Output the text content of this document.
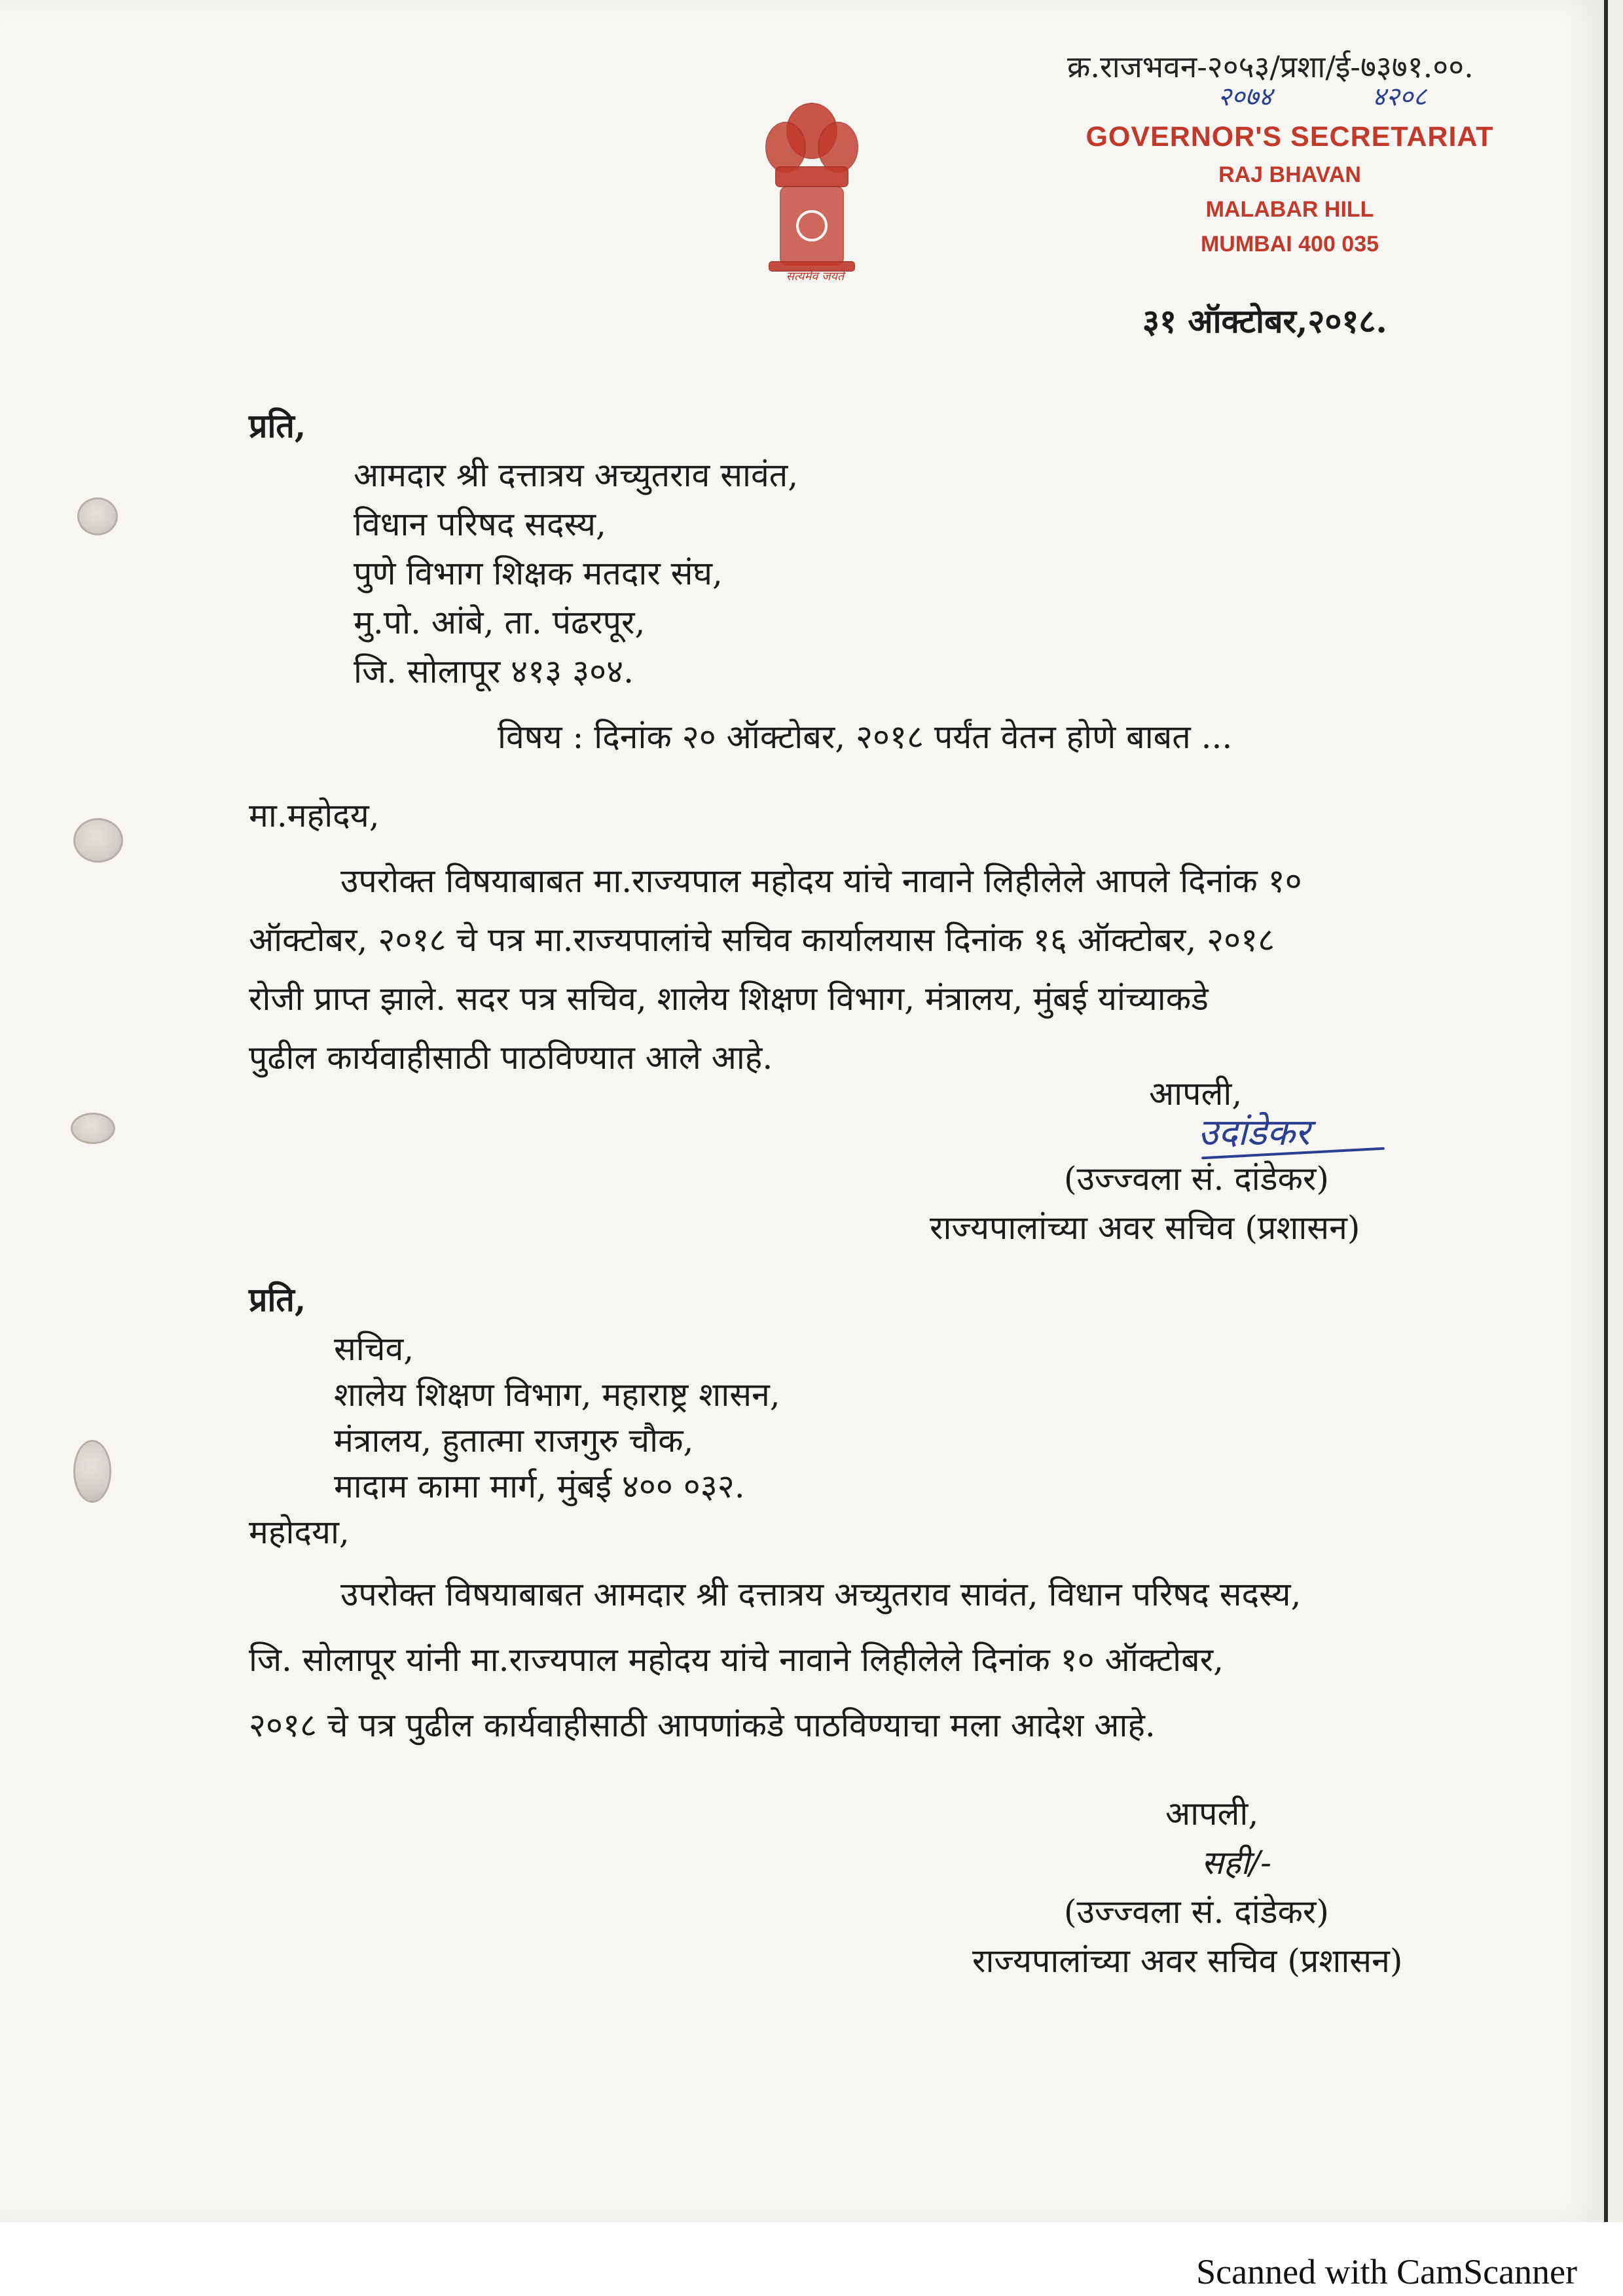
सत्यमेव जयते
क्र.राजभवन-२०५३/प्रशा/ई-७३७१.००.
२०७४	४२०८
GOVERNOR'S SECRETARIAT
RAJ BHAVAN
MALABAR HILL
MUMBAI 400 035
३१ ऑक्टोबर,२०१८.
प्रति,
आमदार श्री दत्तात्रय अच्युतराव सावंत,
विधान परिषद सदस्य,
पुणे विभाग शिक्षक मतदार संघ,
मु.पो. आंबे, ता. पंढरपूर,
जि. सोलापूर ४१३ ३०४.
विषय : दिनांक २० ऑक्टोबर, २०१८ पर्यंत वेतन होणे बाबत ...
मा.महोदय,
उपरोक्त विषयाबाबत मा.राज्यपाल महोदय यांचे नावाने लिहीलेले आपले दिनांक १०
ऑक्टोबर, २०१८ चे पत्र मा.राज्यपालांचे सचिव कार्यालयास दिनांक १६ ऑक्टोबर, २०१८
रोजी प्राप्त झाले. सदर पत्र सचिव, शालेय शिक्षण विभाग, मंत्रालय, मुंबई यांच्याकडे
पुढील कार्यवाहीसाठी पाठविण्यात आले आहे.
आपली,
उदांडेकर
(उज्ज्वला सं. दांडेकर)
राज्यपालांच्या अवर सचिव (प्रशासन)
प्रति,
सचिव,
शालेय शिक्षण विभाग, महाराष्ट्र शासन,
मंत्रालय, हुतात्मा राजगुरु चौक,
मादाम कामा मार्ग, मुंबई ४०० ०३२.
महोदया,
उपरोक्त विषयाबाबत आमदार श्री दत्तात्रय अच्युतराव सावंत, विधान परिषद सदस्य,
जि. सोलापूर यांनी मा.राज्यपाल महोदय यांचे नावाने लिहीलेले दिनांक १० ऑक्टोबर,
२०१८ चे पत्र पुढील कार्यवाहीसाठी आपणांकडे पाठविण्याचा मला आदेश आहे.
आपली,
सही/-
(उज्ज्वला सं. दांडेकर)
राज्यपालांच्या अवर सचिव (प्रशासन)
Scanned with CamScanner
